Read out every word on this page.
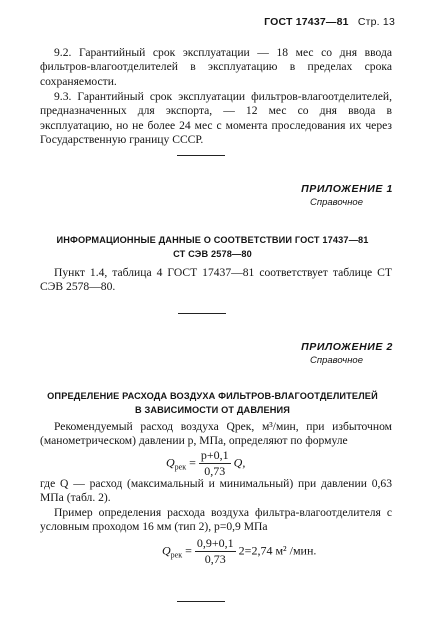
ГОСТ 17437—81 Стр. 13
9.2. Гарантийный срок эксплуатации — 18 мес со дня ввода фильтров-влагоотделителей в эксплуатацию в пределах срока сохраняемости.
9.3. Гарантийный срок эксплуатации фильтров-влагоотделителей, предназначенных для экспорта, — 12 мес со дня ввода в эксплуатацию, но не более 24 мес с момента проследования их через Государственную границу СССР.
ПРИЛОЖЕНИЕ 1
Справочное
ИНФОРМАЦИОННЫЕ ДАННЫЕ О СООТВЕТСТВИИ ГОСТ 17437—81
СТ СЭВ 2578—80
Пункт 1.4, таблица 4 ГОСТ 17437—81 соответствует таблице СТ СЭВ 2578—80.
ПРИЛОЖЕНИЕ 2
Справочное
ОПРЕДЕЛЕНИЕ РАСХОДА ВОЗДУХА ФИЛЬТРОВ-ВЛАГООТДЕЛИТЕЛЕЙ
В ЗАВИСИМОСТИ ОТ ДАВЛЕНИЯ
Рекомендуемый расход воздуха Qрек, м³/мин, при избыточном (манометрическом) давлении p, МПа, определяют по формуле
$Q_{рек} = \frac{p+0,1}{0,73} Q$,
где Q — расход (максимальный и минимальный) при давлении 0,63 МПа (табл. 2).
Пример определения расхода воздуха фильтра-влагоотделителя с условным проходом 16 мм (тип 2), p=0,9 МПа
$Q_{рек} = \frac{0,9+0,1}{0,73} 2=2,74$ м² /мин.
